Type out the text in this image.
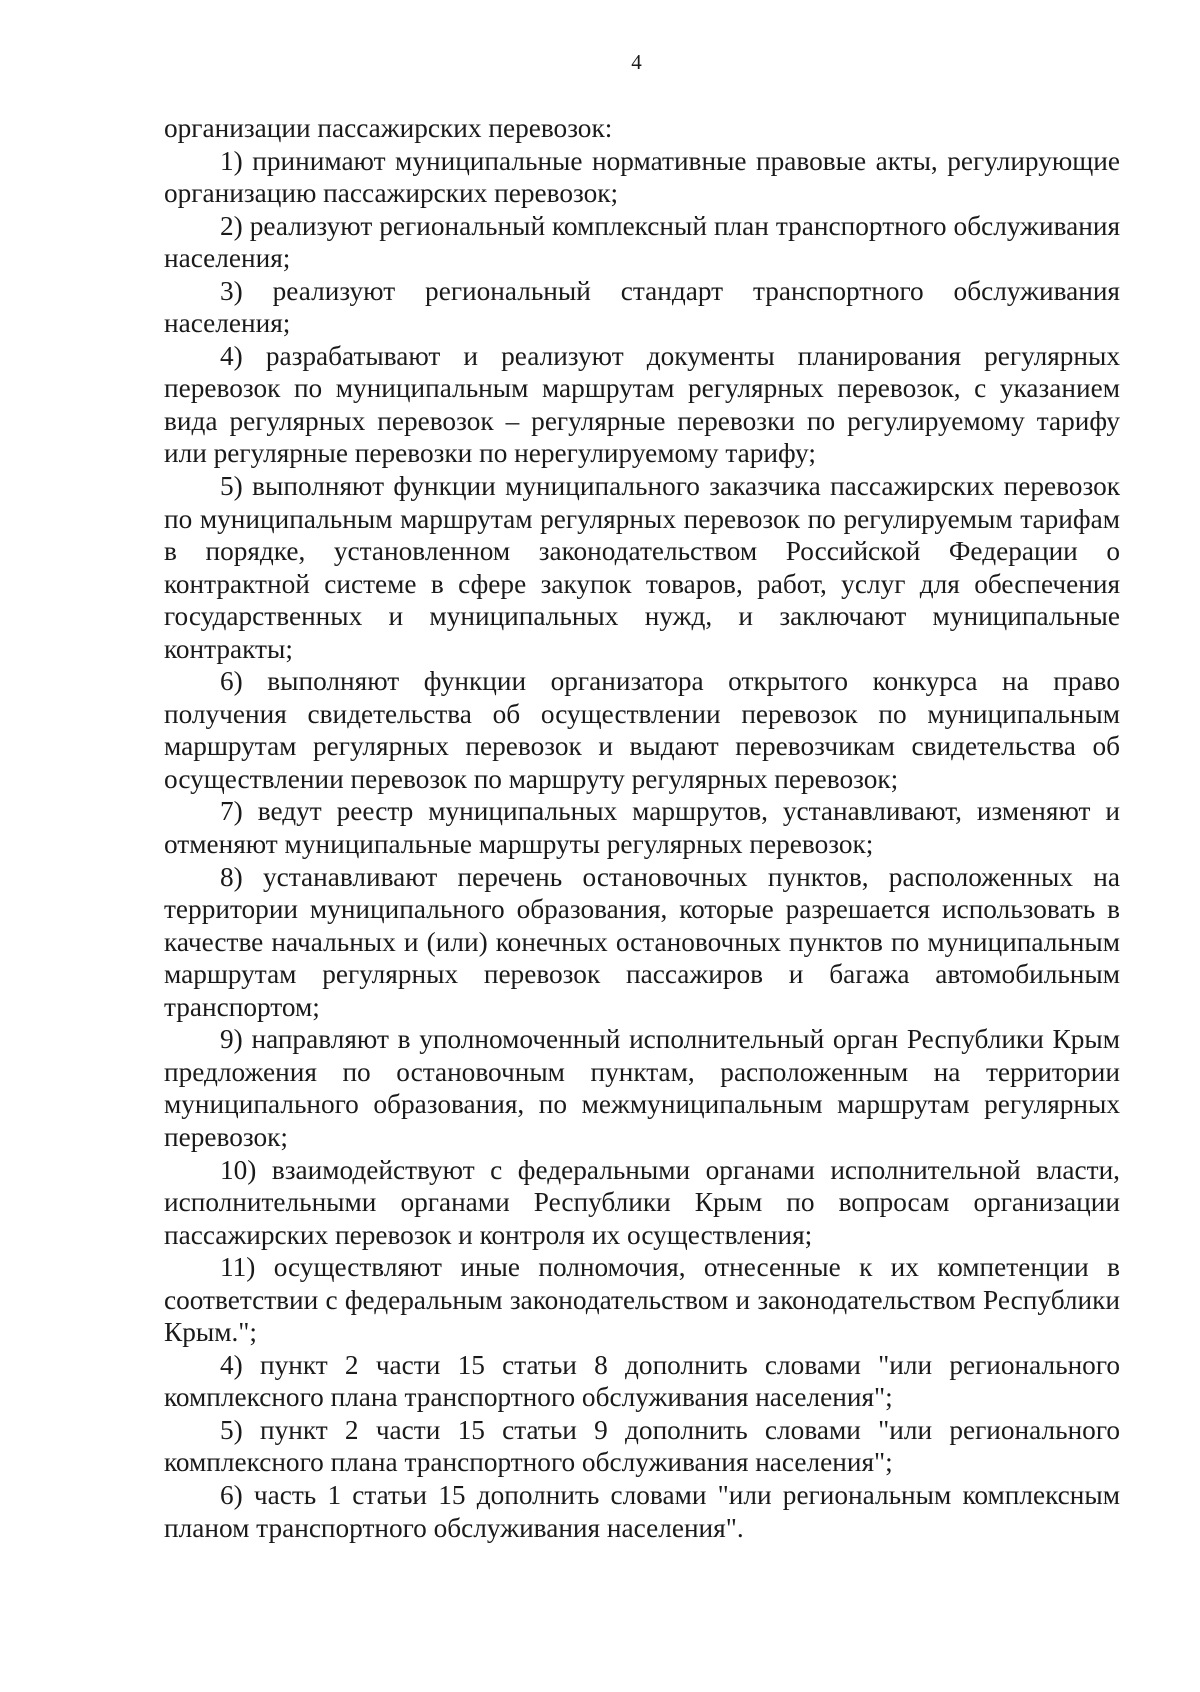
4

организации пассажирских перевозок:

1) принимают муниципальные нормативные правовые акты, регулирующие организацию пассажирских перевозок;

2) реализуют региональный комплексный план транспортного обслуживания населения;

3) реализуют региональный стандарт транспортного обслуживания населения;

4) разрабатывают и реализуют документы планирования регулярных перевозок по муниципальным маршрутам регулярных перевозок, с указанием вида регулярных перевозок – регулярные перевозки по регулируемому тарифу или регулярные перевозки по нерегулируемому тарифу;

5) выполняют функции муниципального заказчика пассажирских перевозок по муниципальным маршрутам регулярных перевозок по регулируемым тарифам в порядке, установленном законодательством Российской Федерации о контрактной системе в сфере закупок товаров, работ, услуг для обеспечения государственных и муниципальных нужд, и заключают муниципальные контракты;

6) выполняют функции организатора открытого конкурса на право получения свидетельства об осуществлении перевозок по муниципальным маршрутам регулярных перевозок и выдают перевозчикам свидетельства об осуществлении перевозок по маршруту регулярных перевозок;

7) ведут реестр муниципальных маршрутов, устанавливают, изменяют и отменяют муниципальные маршруты регулярных перевозок;

8) устанавливают перечень остановочных пунктов, расположенных на территории муниципального образования, которые разрешается использовать в качестве начальных и (или) конечных остановочных пунктов по муниципальным маршрутам регулярных перевозок пассажиров и багажа автомобильным транспортом;

9) направляют в уполномоченный исполнительный орган Республики Крым предложения по остановочным пунктам, расположенным на территории муниципального образования, по межмуниципальным маршрутам регулярных перевозок;

10) взаимодействуют с федеральными органами исполнительной власти, исполнительными органами Республики Крым по вопросам организации пассажирских перевозок и контроля их осуществления;

11) осуществляют иные полномочия, отнесенные к их компетенции в соответствии с федеральным законодательством и законодательством Республики Крым.";

4) пункт 2 части 15 статьи 8 дополнить словами "или регионального комплексного плана транспортного обслуживания населения";

5) пункт 2 части 15 статьи 9 дополнить словами "или регионального комплексного плана транспортного обслуживания населения";

6) часть 1 статьи 15 дополнить словами "или региональным комплексным планом транспортного обслуживания населения".
